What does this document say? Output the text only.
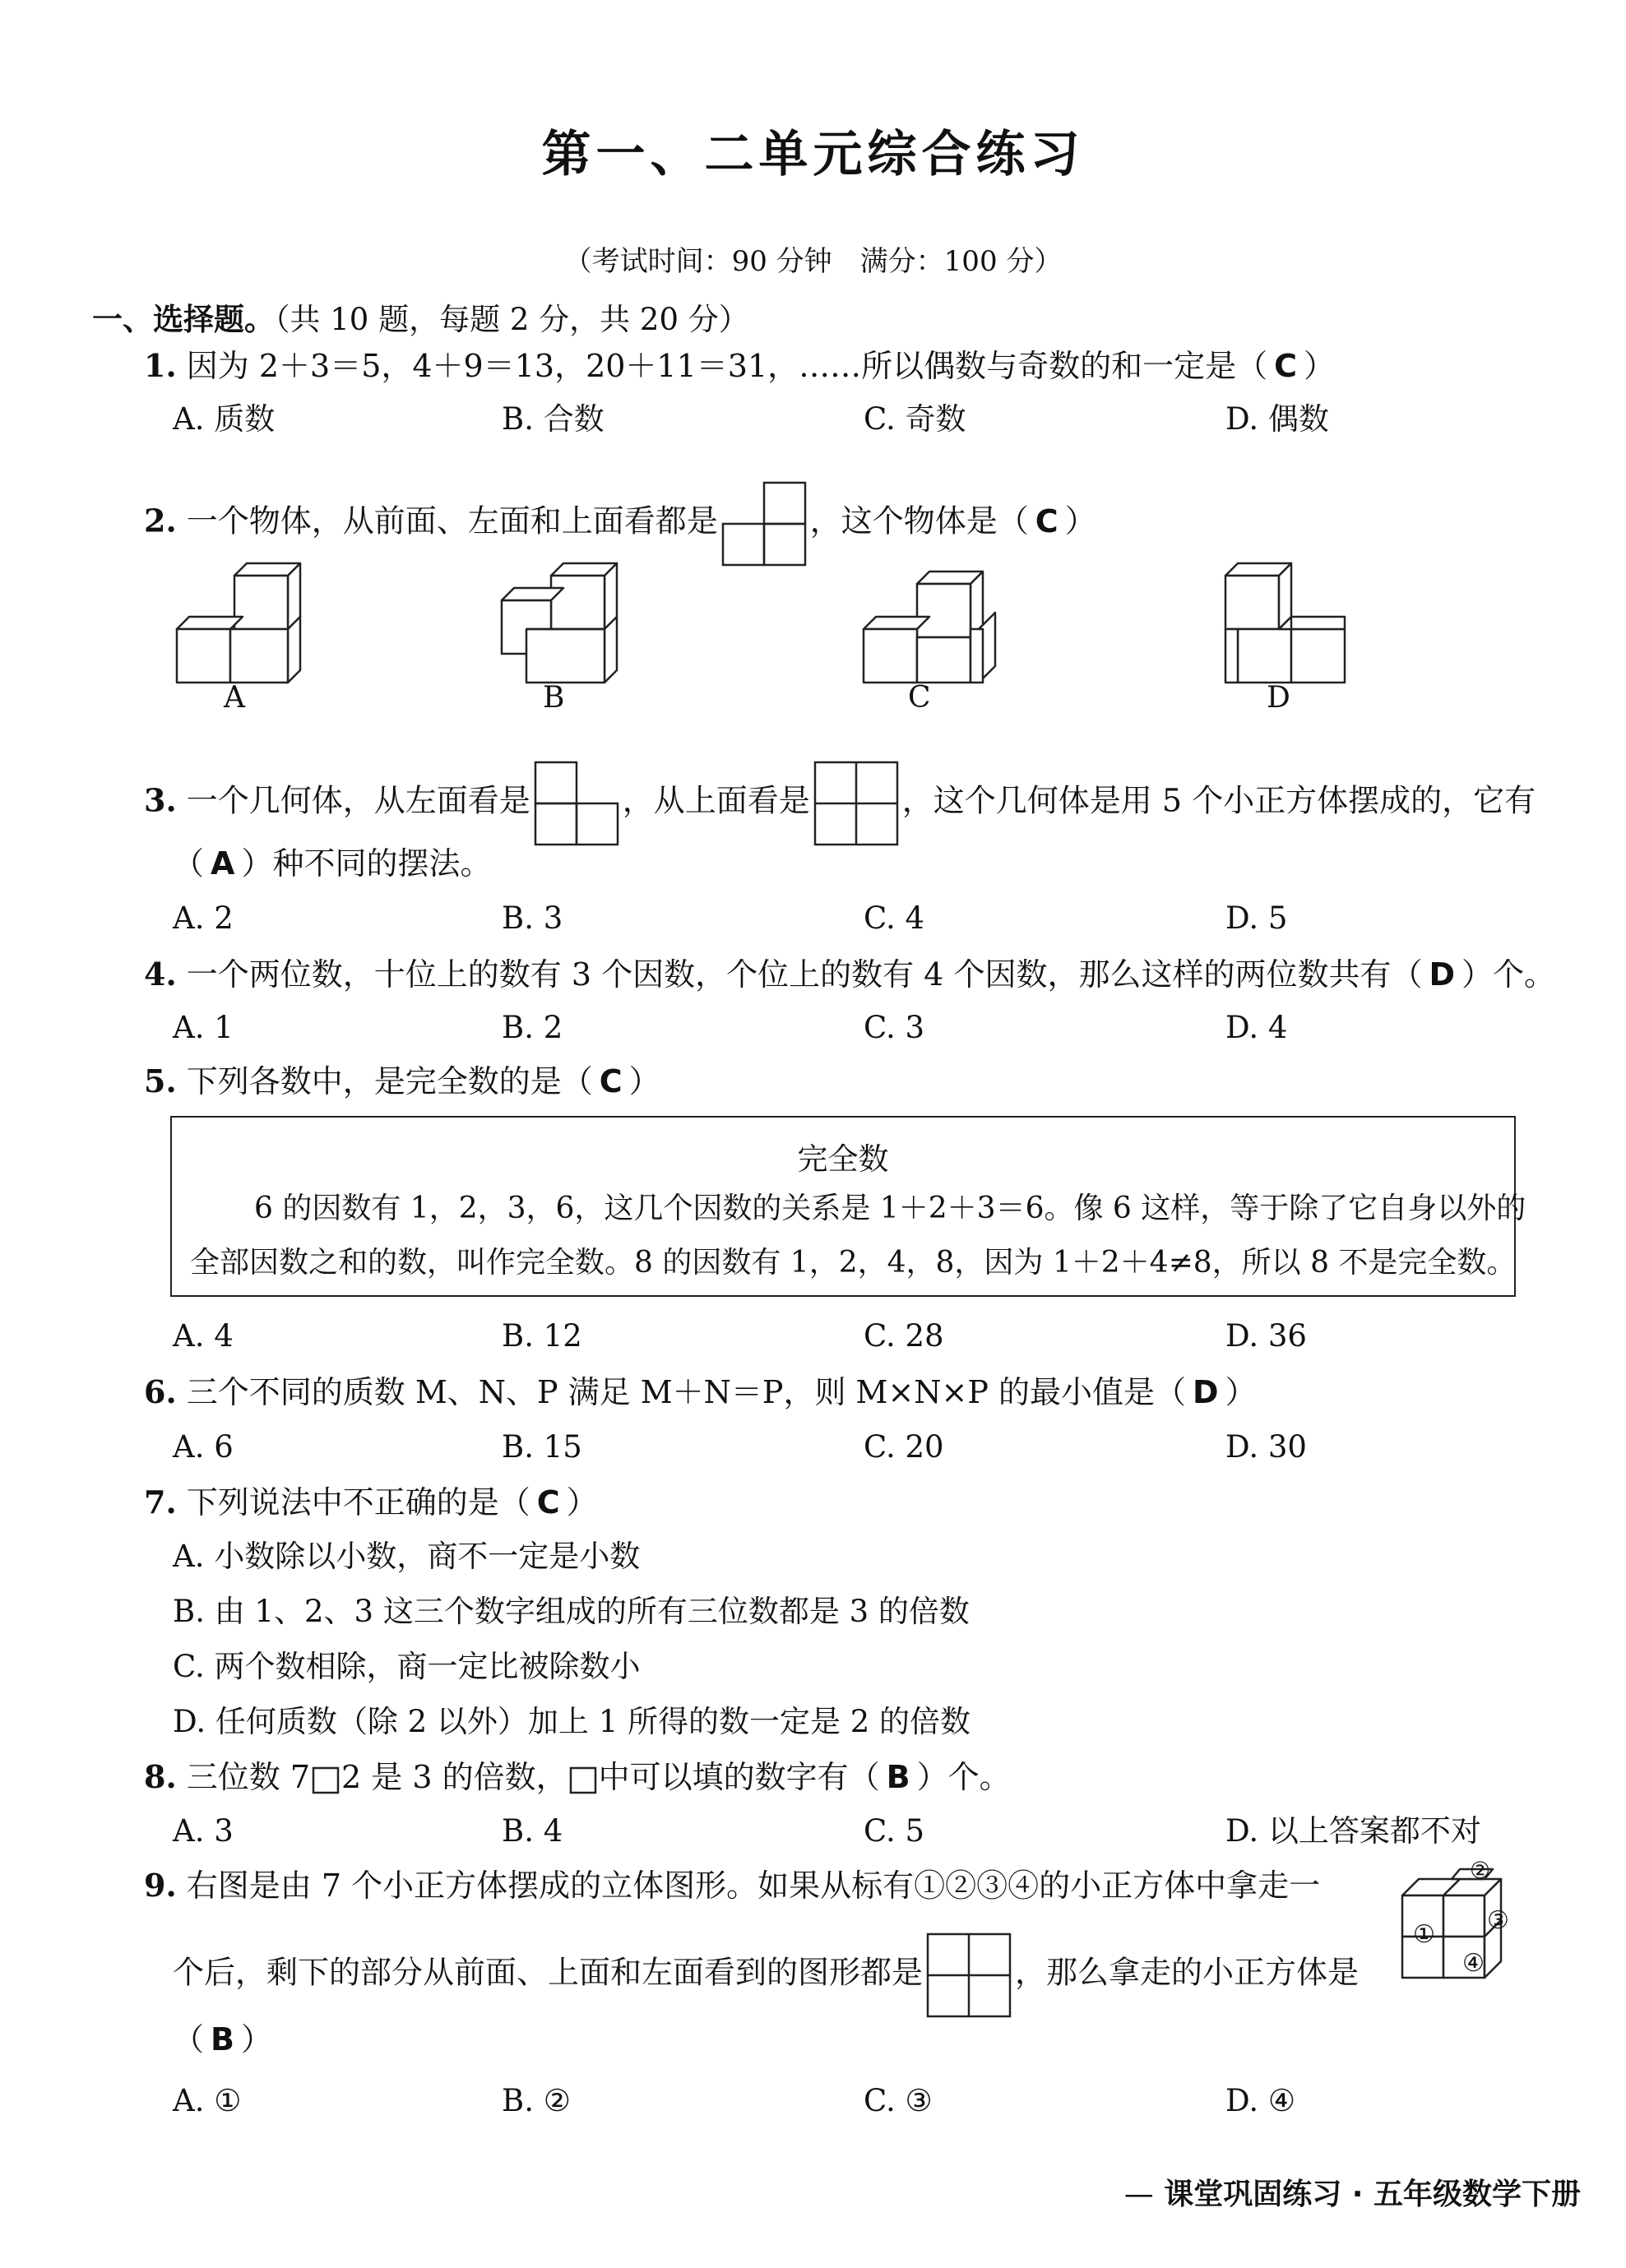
第一、二单元综合练习
（考试时间：90 分钟　满分：100 分）
一、选择题。（共 10 题，每题 2 分，共 20 分）
1. 因为 2＋3＝5，4＋9＝13，20＋11＝31，……所以偶数与奇数的和一定是（ C ）
A. 质数	B. 合数	C. 奇数	D. 偶数
2. 一个物体，从前面、左面和上面看都是	，这个物体是（ C ）
A	B	C	D
3. 一个几何体，从左面看是	，从上面看是	，这个几何体是用 5 个小正方体摆成的，它有
（ A ）种不同的摆法。
A. 2	B. 3	C. 4	D. 5
4. 一个两位数，十位上的数有 3 个因数，个位上的数有 4 个因数，那么这样的两位数共有（ D ）个。
A. 1	B. 2	C. 3	D. 4
5. 下列各数中，是完全数的是（ C ）
完全数
6 的因数有 1，2，3，6，这几个因数的关系是 1＋2＋3＝6。像 6 这样，等于除了它自身以外的
全部因数之和的数，叫作完全数。8 的因数有 1，2，4，8，因为 1＋2＋4≠8，所以 8 不是完全数。
A. 4	B. 12	C. 28	D. 36
6. 三个不同的质数 M、N、P 满足 M＋N＝P，则 M×N×P 的最小值是（ D ）
A. 6	B. 15	C. 20	D. 30
7. 下列说法中不正确的是（ C ）
A. 小数除以小数，商不一定是小数
B. 由 1、2、3 这三个数字组成的所有三位数都是 3 的倍数
C. 两个数相除，商一定比被除数小
D. 任何质数（除 2 以外）加上 1 所得的数一定是 2 的倍数
8. 三位数 7 2 是 3 的倍数， 中可以填的数字有（ B ）个。
A. 3	B. 4	C. 5	D. 以上答案都不对
9. 右图是由 7 个小正方体摆成的立体图形。如果从标有①②③④的小正方体中拿走一
个后，剩下的部分从前面、上面和左面看到的图形都是	，那么拿走的小正方体是
（ B ）
②
① ③
④
A. ①	B. ②	C. ③	D. ④
— 课堂巩固练习 · 五年级数学下册
